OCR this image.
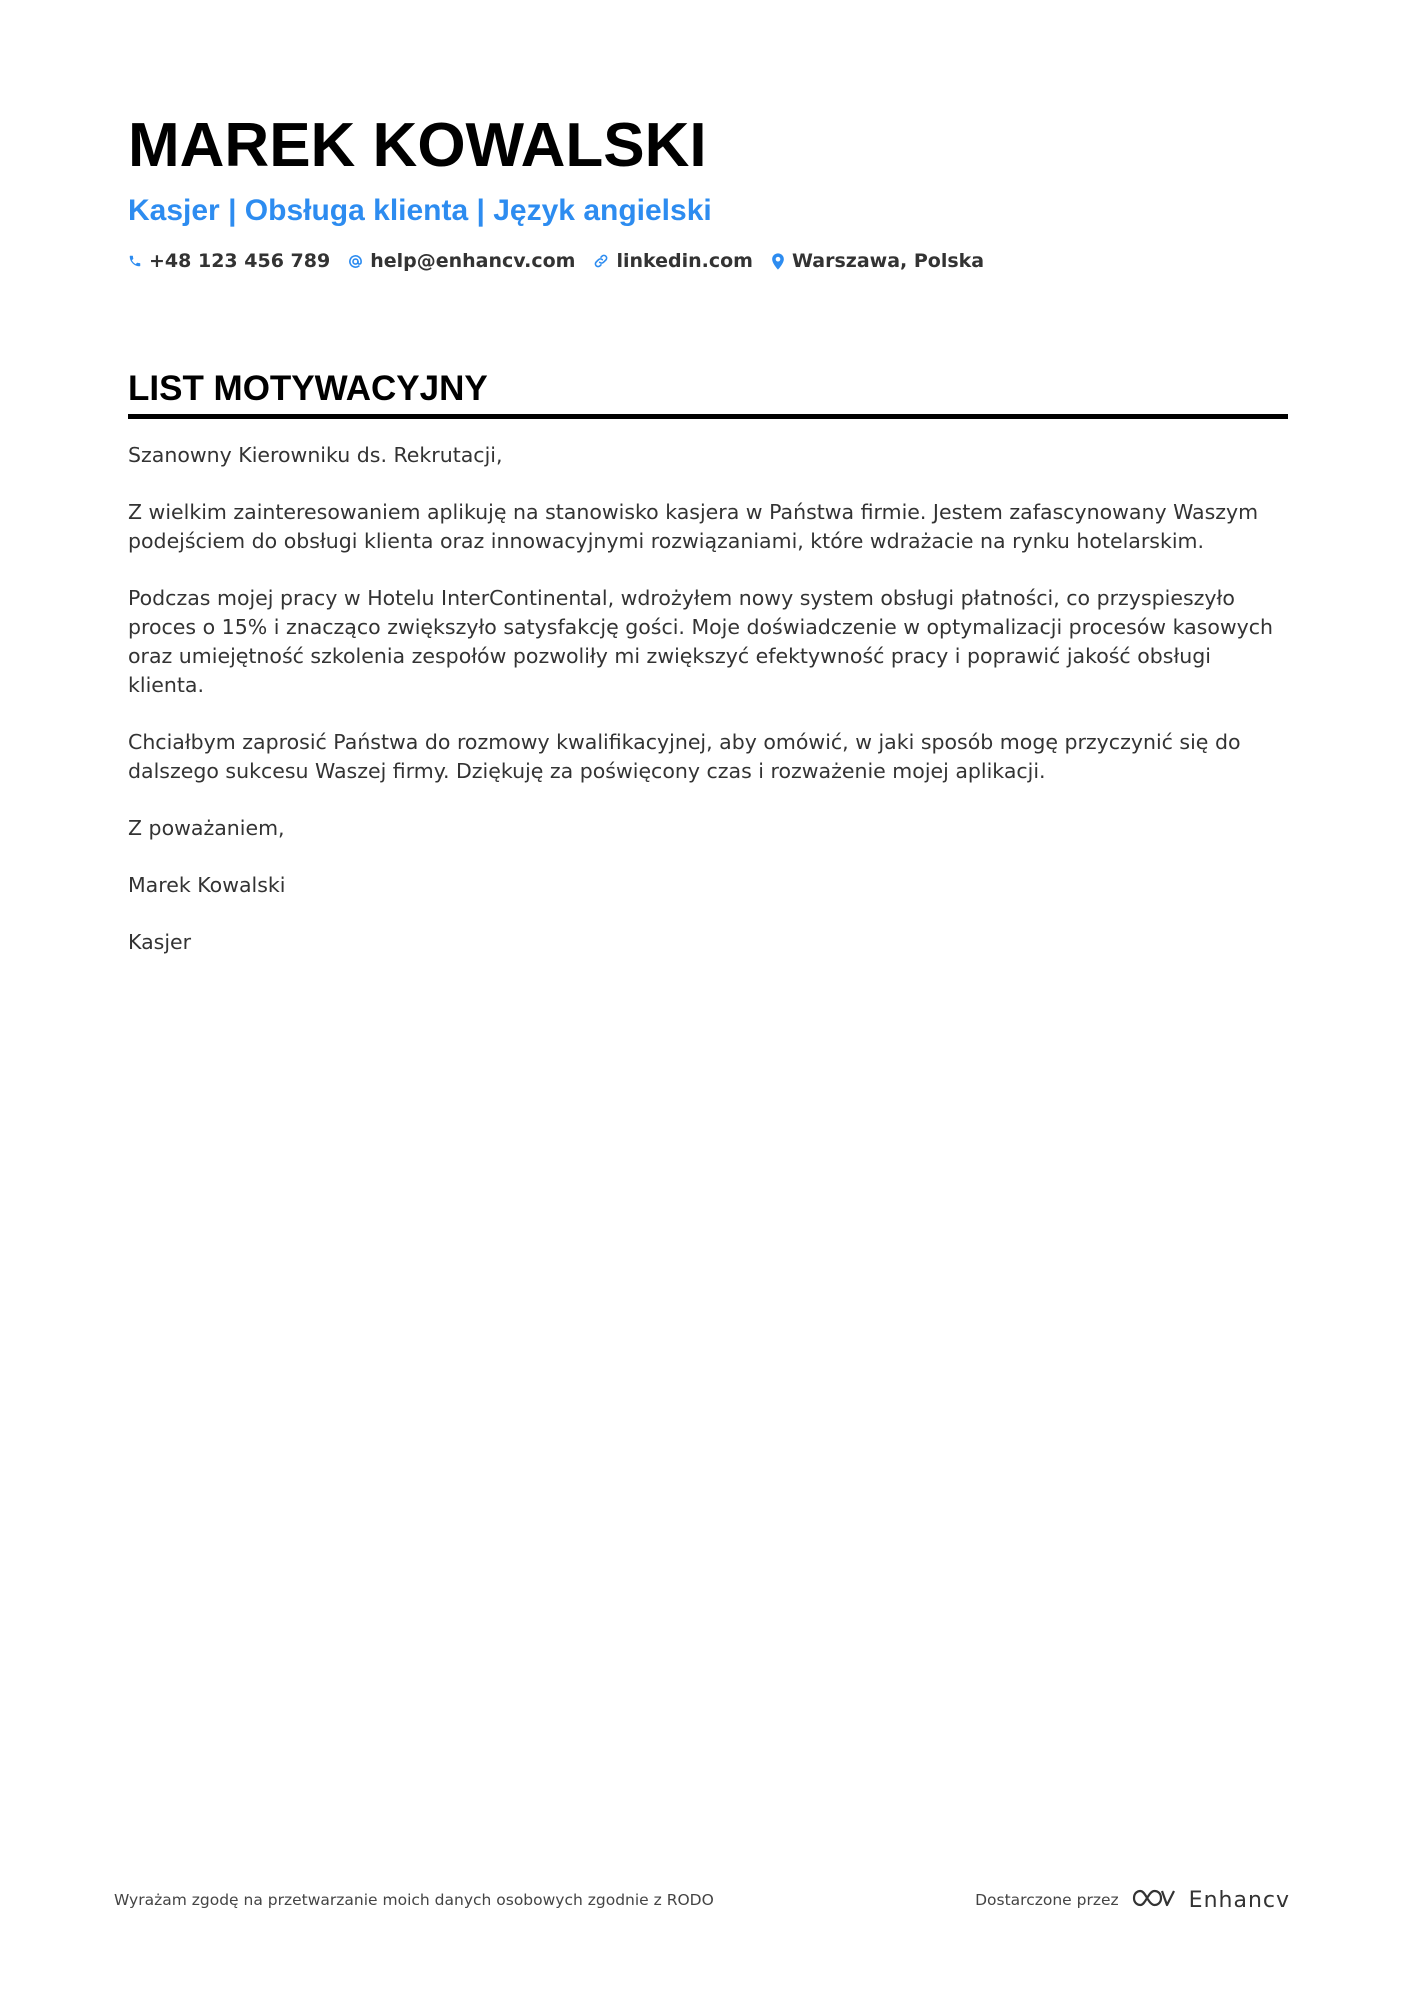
MAREK KOWALSKI
Kasjer | Obsługa klienta | Język angielski
+48 123 456 789 help@enhancv.com linkedin.com Warszawa, Polska
LIST MOTYWACYJNY

Szanowny Kierowniku ds. Rekrutacji,

Z wielkim zainteresowaniem aplikuję na stanowisko kasjera w Państwa firmie. Jestem zafascynowany Waszym podejściem do obsługi klienta oraz innowacyjnymi rozwiązaniami, które wdrażacie na rynku hotelarskim.

Podczas mojej pracy w Hotelu InterContinental, wdrożyłem nowy system obsługi płatności, co przyspieszyło proces o 15% i znacząco zwiększyło satysfakcję gości. Moje doświadczenie w optymalizacji procesów kasowych oraz umiejętność szkolenia zespołów pozwoliły mi zwiększyć efektywność pracy i poprawić jakość obsługi klienta.

Chciałbym zaprosić Państwa do rozmowy kwalifikacyjnej, aby omówić, w jaki sposób mogę przyczynić się do dalszego sukcesu Waszej firmy. Dziękuję za poświęcony czas i rozważenie mojej aplikacji.

Z poważaniem,

Marek Kowalski

Kasjer

Wyrażam zgodę na przetwarzanie moich danych osobowych zgodnie z RODO	Dostarczone przez	Enhancv
